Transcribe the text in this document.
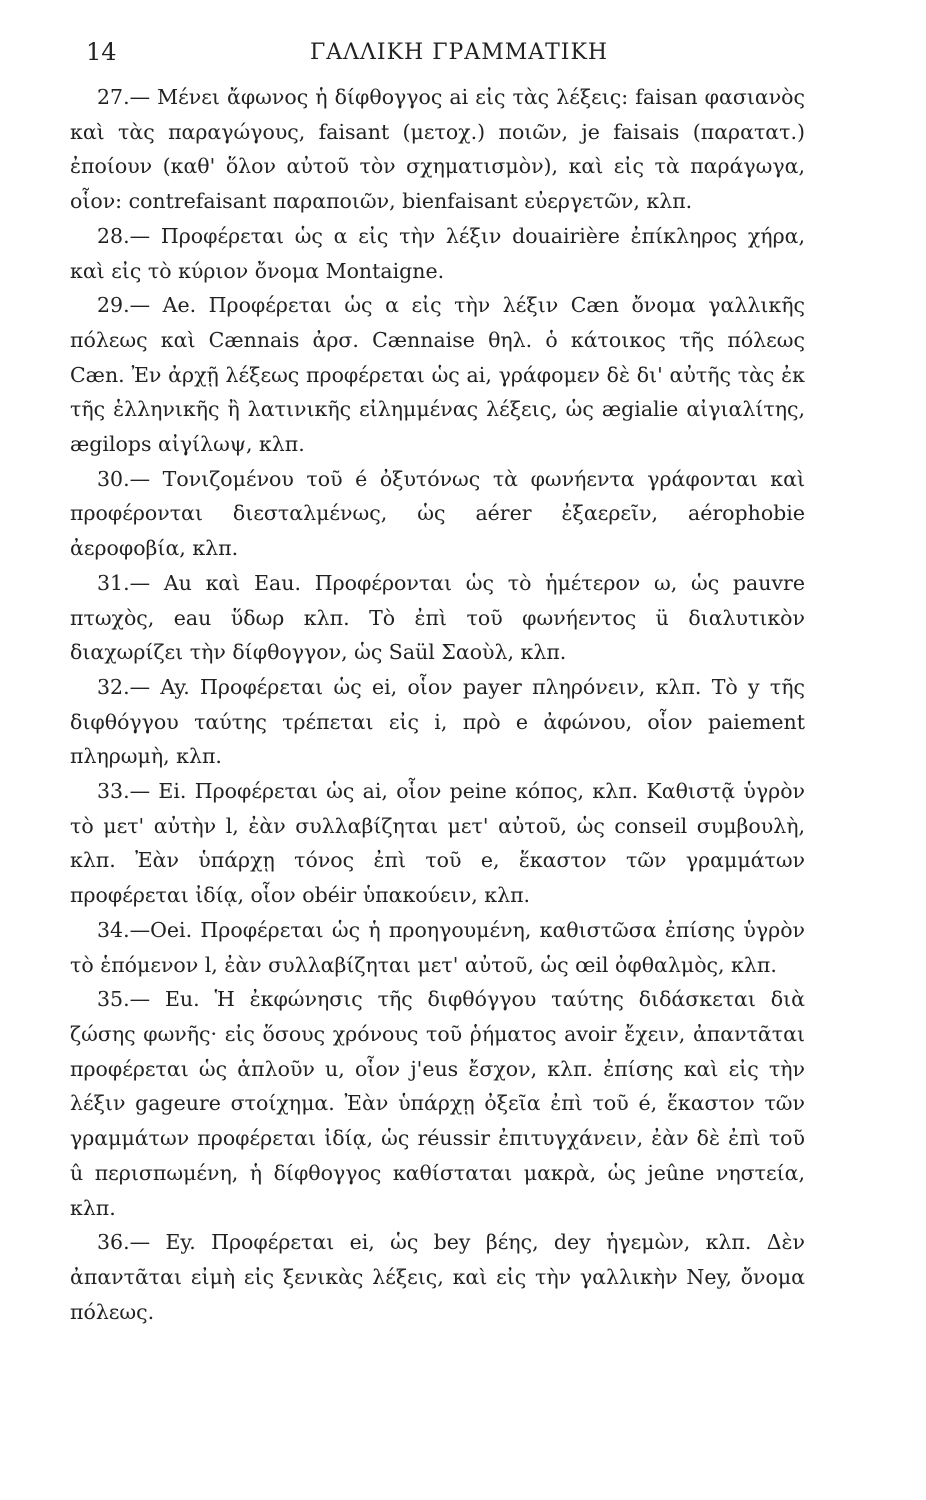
14	ΓΑΛΛΙΚΗ ΓΡΑΜΜΑΤΙΚΗ

27.— Μένει ἄφωνος ἡ δίφθογγος ai εἰς τὰς λέξεις: faisan φασιανὸς καὶ τὰς παραγώγους, faisant (μετοχ.) ποιῶν, je faisais (παρατατ.) ἐποίουν (καθ' ὅλον αὐτοῦ τὸν σχηματισμὸν), καὶ εἰς τὰ παράγωγα, οἷον: contrefaisant παραποιῶν, bienfaisant εὐεργετῶν, κλπ.

28.— Προφέρεται ὡς α εἰς τὴν λέξιν douairière ἐπίκληρος χήρα, καὶ εἰς τὸ κύριον ὄνομα Montaigne.

29.— Ae. Προφέρεται ὡς α εἰς τὴν λέξιν Cæn ὄνομα γαλλικῆς πόλεως καὶ Cænnais ἀρσ. Cænnaise θηλ. ὁ κάτοικος τῆς πόλεως Cæn. Ἐν ἀρχῇ λέξεως προφέρεται ὡς ai, γράφομεν δὲ δι' αὐτῆς τὰς ἐκ τῆς ἑλληνικῆς ἢ λατινικῆς εἰλημμένας λέξεις, ὡς ægialie αἰγιαλίτης, ægilops αἰγίλωψ, κλπ.

30.— Τονιζομένου τοῦ é ὀξυτόνως τὰ φωνήεντα γράφονται καὶ προφέρονται διεσταλμένως, ὡς aérer ἐξαερεῖν, aérophobie ἀεροφοβία, κλπ.

31.— Au καὶ Eau. Προφέρονται ὡς τὸ ἡμέτερον ω, ὡς pauvre πτωχὸς, eau ὕδωρ κλπ. Τὸ ἐπὶ τοῦ φωνήεντος ü διαλυτικὸν διαχωρίζει τὴν δίφθογγον, ὡς Saül Σαοὺλ, κλπ.

32.— Ay. Προφέρεται ὡς ei, οἷον payer πληρόνειν, κλπ. Τὸ y τῆς διφθόγγου ταύτης τρέπεται εἰς i, πρὸ e ἀφώνου, οἷον paiement πληρωμὴ, κλπ.

33.— Ei. Προφέρεται ὡς ai, οἷον peine κόπος, κλπ. Καθιστᾷ ὑγρὸν τὸ μετ' αὐτὴν l, ἐὰν συλλαβίζηται μετ' αὐτοῦ, ὡς conseil συμβουλὴ, κλπ. Ἐὰν ὑπάρχῃ τόνος ἐπὶ τοῦ e, ἕκαστον τῶν γραμμάτων προφέρεται ἰδίᾳ, οἷον obéir ὑπακούειν, κλπ.

34.—Oei. Προφέρεται ὡς ἡ προηγουμένη, καθιστῶσα ἐπίσης ὑγρὸν τὸ ἑπόμενον l, ἐὰν συλλαβίζηται μετ' αὐτοῦ, ὡς œil ὀφθαλμὸς, κλπ.

35.— Eu. Ἡ ἐκφώνησις τῆς διφθόγγου ταύτης διδάσκεται διὰ ζώσης φωνῆς· εἰς ὅσους χρόνους τοῦ ῥήματος avoir ἔχειν, ἀπαντᾶται προφέρεται ὡς ἁπλοῦν u, οἷον j'eus ἔσχον, κλπ. ἐπίσης καὶ εἰς τὴν λέξιν gageure στοίχημα. Ἐὰν ὑπάρχῃ ὀξεῖα ἐπὶ τοῦ é, ἕκαστον τῶν γραμμάτων προφέρεται ἰδίᾳ, ὡς réussir ἐπιτυγχάνειν, ἐὰν δὲ ἐπὶ τοῦ û περισπωμένη, ἡ δίφθογγος καθίσταται μακρὰ, ὡς jeûne νηστεία, κλπ.

36.— Ey. Προφέρεται ei, ὡς bey βέης, dey ἡγεμὼν, κλπ. Δὲν ἀπαντᾶται εἰμὴ εἰς ξενικὰς λέξεις, καὶ εἰς τὴν γαλλικὴν Ney, ὄνομα πόλεως.
